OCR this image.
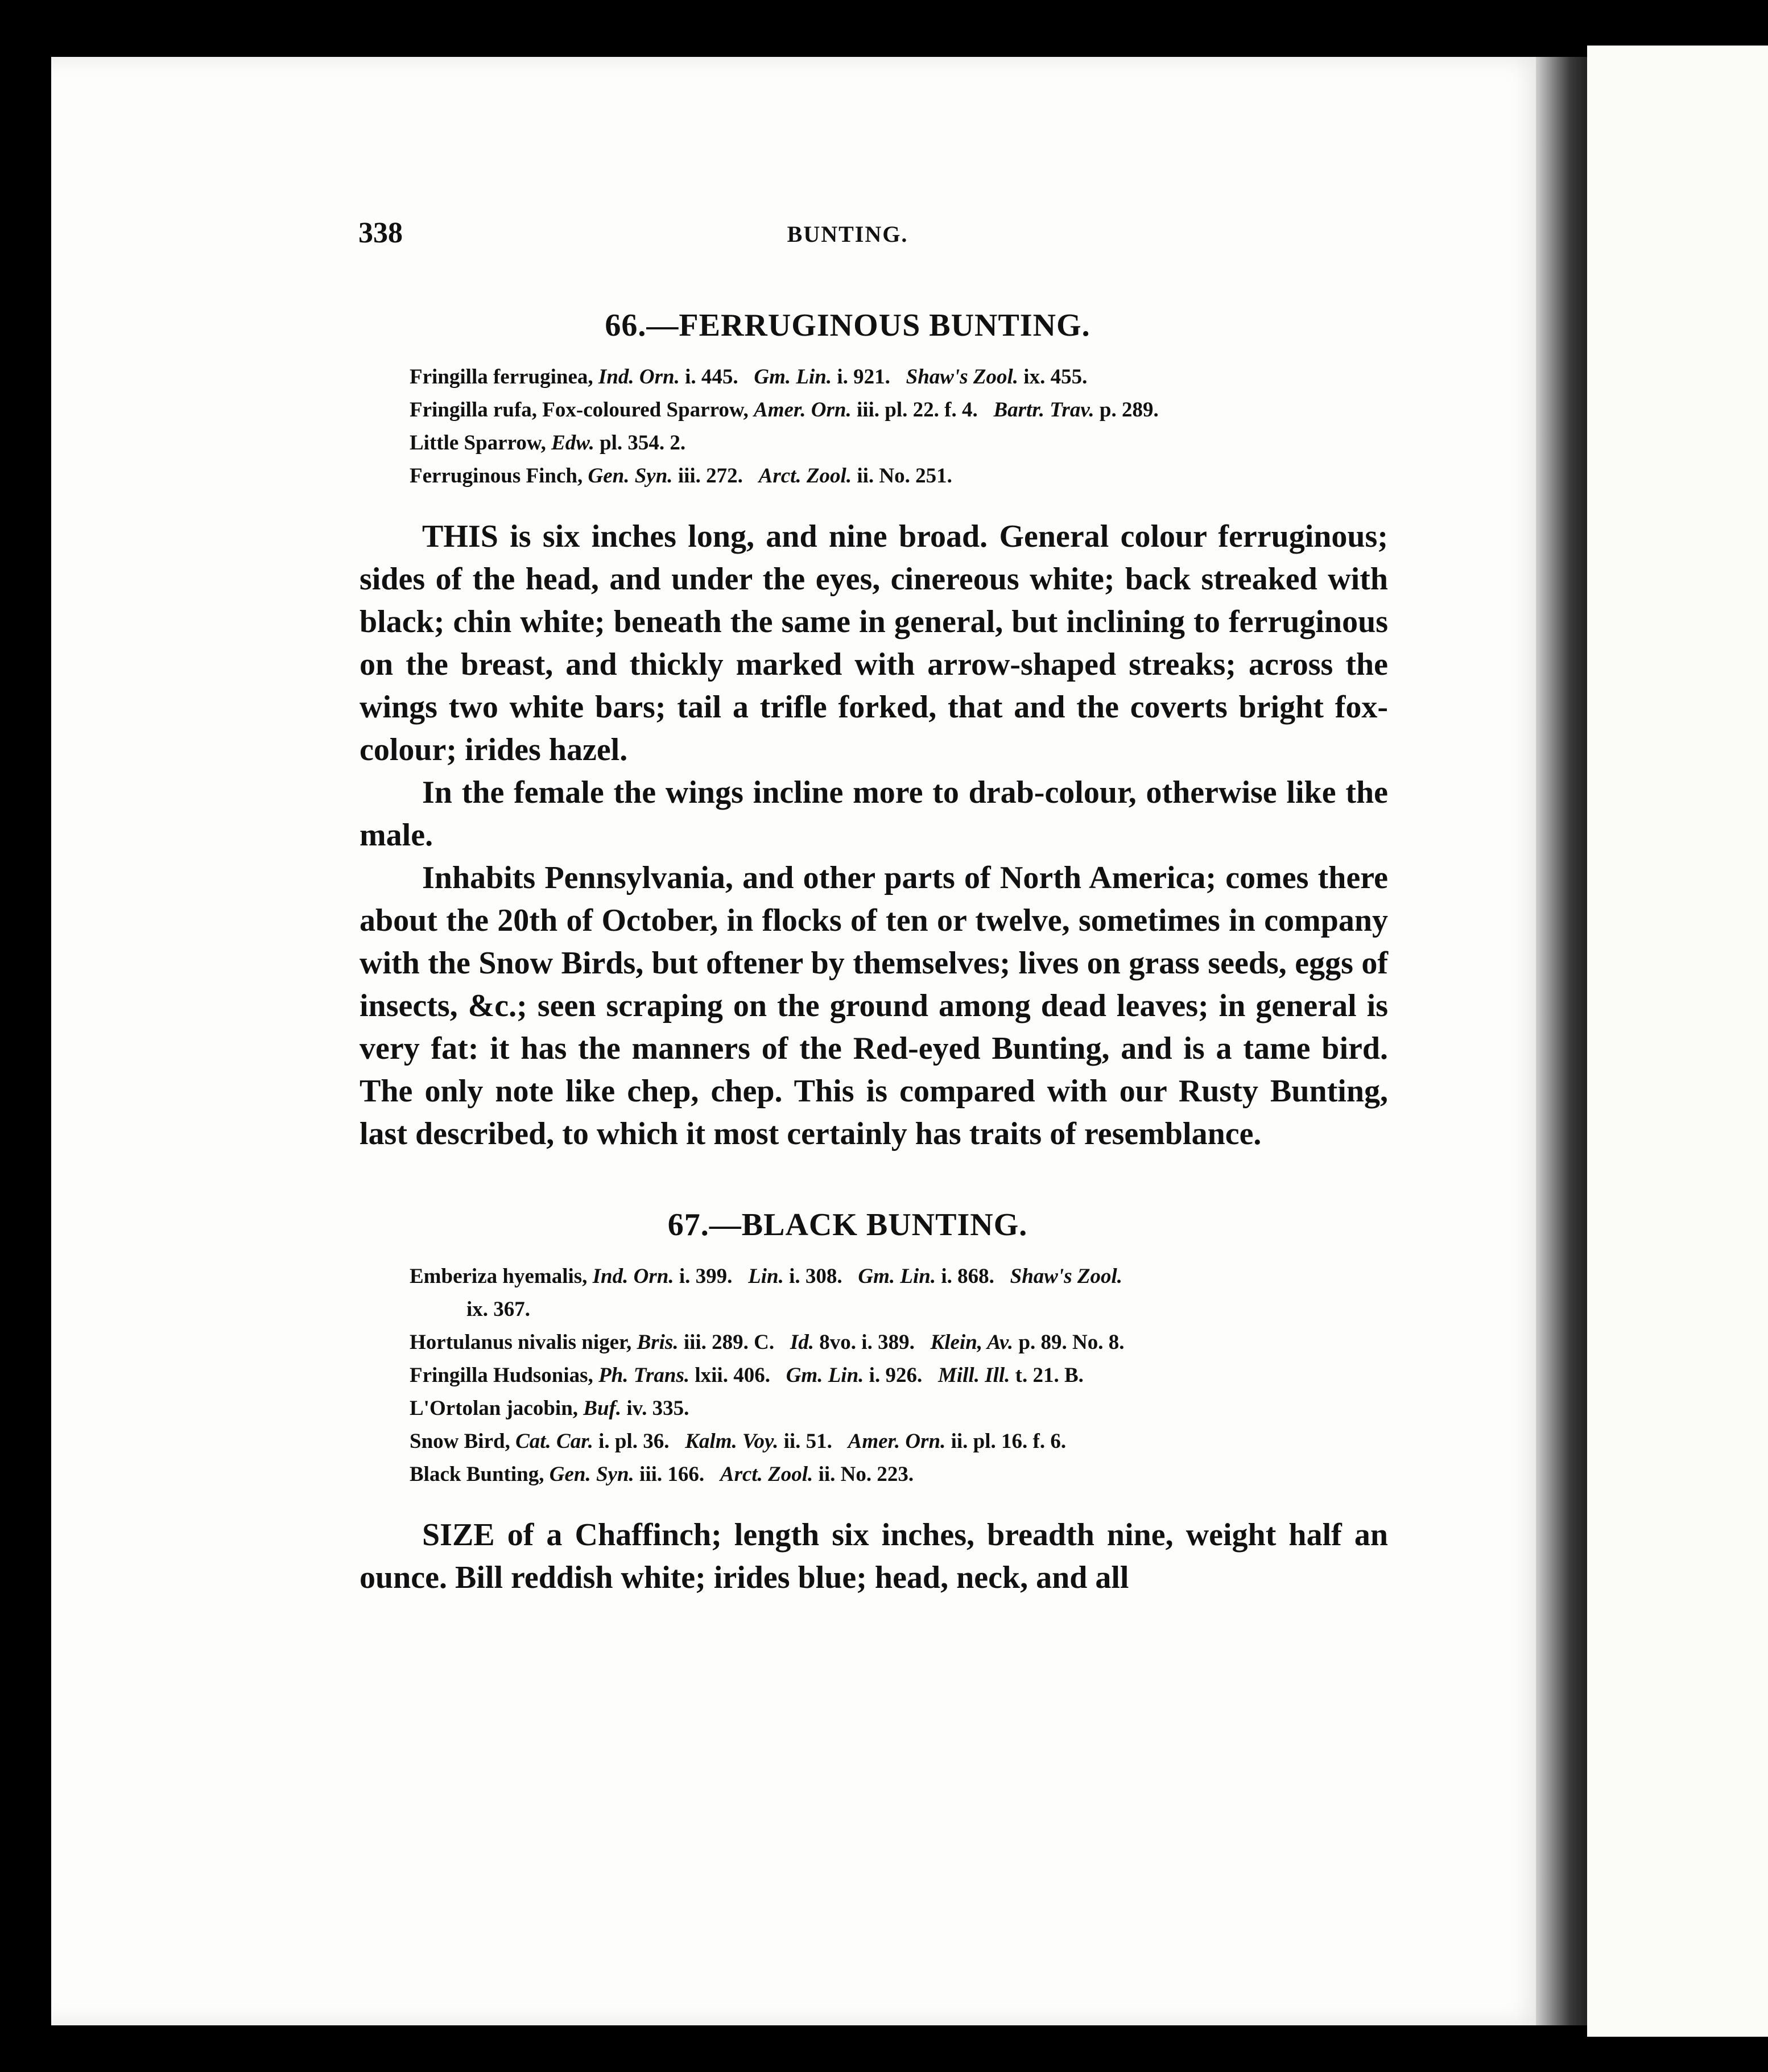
338	BUNTING.
66.—FERRUGINOUS BUNTING.
Fringilla ferruginea, Ind. Orn. i. 445.   Gm. Lin. i. 921.   Shaw's Zool. ix. 455.
Fringilla rufa, Fox-coloured Sparrow, Amer. Orn. iii. pl. 22. f. 4.   Bartr. Trav. p. 289.
Little Sparrow, Edw. pl. 354. 2.
Ferruginous Finch, Gen. Syn. iii. 272.   Arct. Zool. ii. No. 251.

THIS is six inches long, and nine broad. General colour ferruginous; sides of the head, and under the eyes, cinereous white; back streaked with black; chin white; beneath the same in general, but inclining to ferruginous on the breast, and thickly marked with arrow-shaped streaks; across the wings two white bars; tail a trifle forked, that and the coverts bright fox-colour; irides hazel.

In the female the wings incline more to drab-colour, otherwise like the male.

Inhabits Pennsylvania, and other parts of North America; comes there about the 20th of October, in flocks of ten or twelve, sometimes in company with the Snow Birds, but oftener by themselves; lives on grass seeds, eggs of insects, &c.; seen scraping on the ground among dead leaves; in general is very fat: it has the manners of the Red-eyed Bunting, and is a tame bird. The only note like chep, chep. This is compared with our Rusty Bunting, last described, to which it most certainly has traits of resemblance.

67.—BLACK BUNTING.
Emberiza hyemalis, Ind. Orn. i. 399.   Lin. i. 308.   Gm. Lin. i. 868.   Shaw's Zool.
ix. 367.
Hortulanus nivalis niger, Bris. iii. 289. C.   Id. 8vo. i. 389.   Klein, Av. p. 89. No. 8.
Fringilla Hudsonias, Ph. Trans. lxii. 406.   Gm. Lin. i. 926.   Mill. Ill. t. 21. B.
L'Ortolan jacobin, Buf. iv. 335.
Snow Bird, Cat. Car. i. pl. 36.   Kalm. Voy. ii. 51.   Amer. Orn. ii. pl. 16. f. 6.
Black Bunting, Gen. Syn. iii. 166.   Arct. Zool. ii. No. 223.

SIZE of a Chaffinch; length six inches, breadth nine, weight half an ounce. Bill reddish white; irides blue; head, neck, and all
